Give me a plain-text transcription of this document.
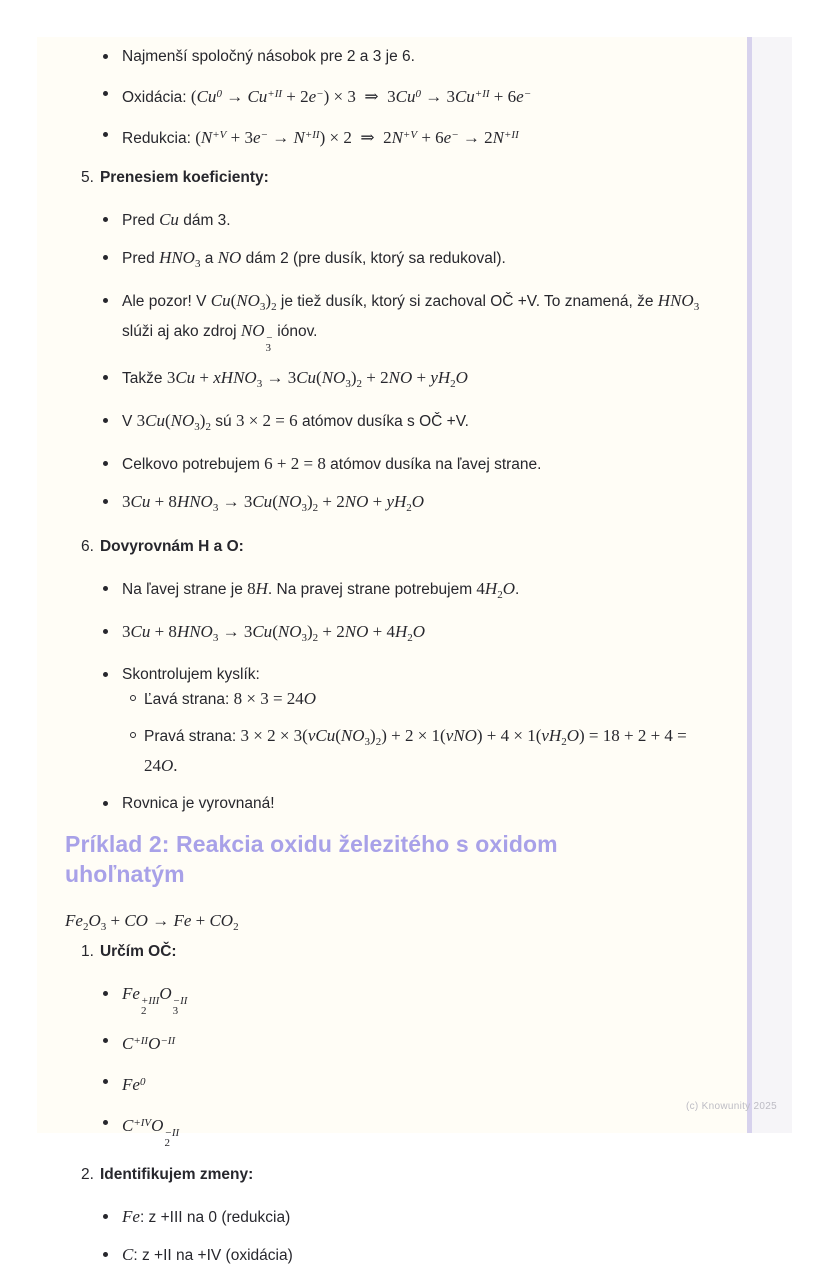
Najmenší spoločný násobok pre 2 a 3 je 6.
Oxidácia: $(Cu^0 \to Cu^{+II} + 2e^-) \times 3$ ⇒ $3Cu^0 \to 3Cu^{+II} + 6e^-$
Redukcia: $(N^{+V} + 3e^- \to N^{+II}) \times 2$ ⇒ $2N^{+V} + 6e^- \to 2N^{+II}$
5. Prenesiem koeficienty:
Pred Cu dám 3.
Pred $HNO_3$ a NO dám 2 (pre dusík, ktorý sa redukoval).
Ale pozor! V $Cu(NO_3)_2$ je tiež dusík, ktorý si zachoval OČ +V. To znamená, že $HNO_3$ slúži aj ako zdroj NO −
3
iónov.
Takže 3Cu + xHNO$_3$ → $3Cu(NO_3)_2 + 2NO + yH_2O$
V $3Cu(NO_3)_2$ sú 3 × 2 = 6 atómov dusíka s OČ +V.
Celkovo potrebujem 6 + 2 = 8 atómov dusíka na ľavej strane.
$3Cu + 8HNO_3 \to 3Cu(NO_3)_2 + 2NO + yH_2O$
6. Dovyrovnám H a O:
Na ľavej strane je 8H. Na pravej strane potrebujem $4H_2O$.
$3Cu + 8HNO_3 \to 3Cu(NO_3)_2 + 2NO + 4H_2O$
Skontrolujem kyslík:
Ľavá strana: 8 × 3 = 24O
Pravá strana: $3 \times 2 \times 3(vCu(NO_3)_2) + 2 \times 1(vNO) + 4 \times 1(vH_2O) = 18 + 2 + 4 = 24O$.
Rovnica je vyrovnaná!
Príklad 2: Reakcia oxidu železitého s oxidom uhoľnatým
$Fe_2O_3$ + CO → $Fe + CO_2$
1. Určím OČ:
Fe +III
2
O −II
3
$C^{+II}O^{-II}$
Fe$^0$
$C^{+IV}O -II$
2
2. Identifikujem zmeny:
Fe: z +III na 0 (redukcia)
C: z +II na +IV (oxidácia)
(c) Knowunity 2025
